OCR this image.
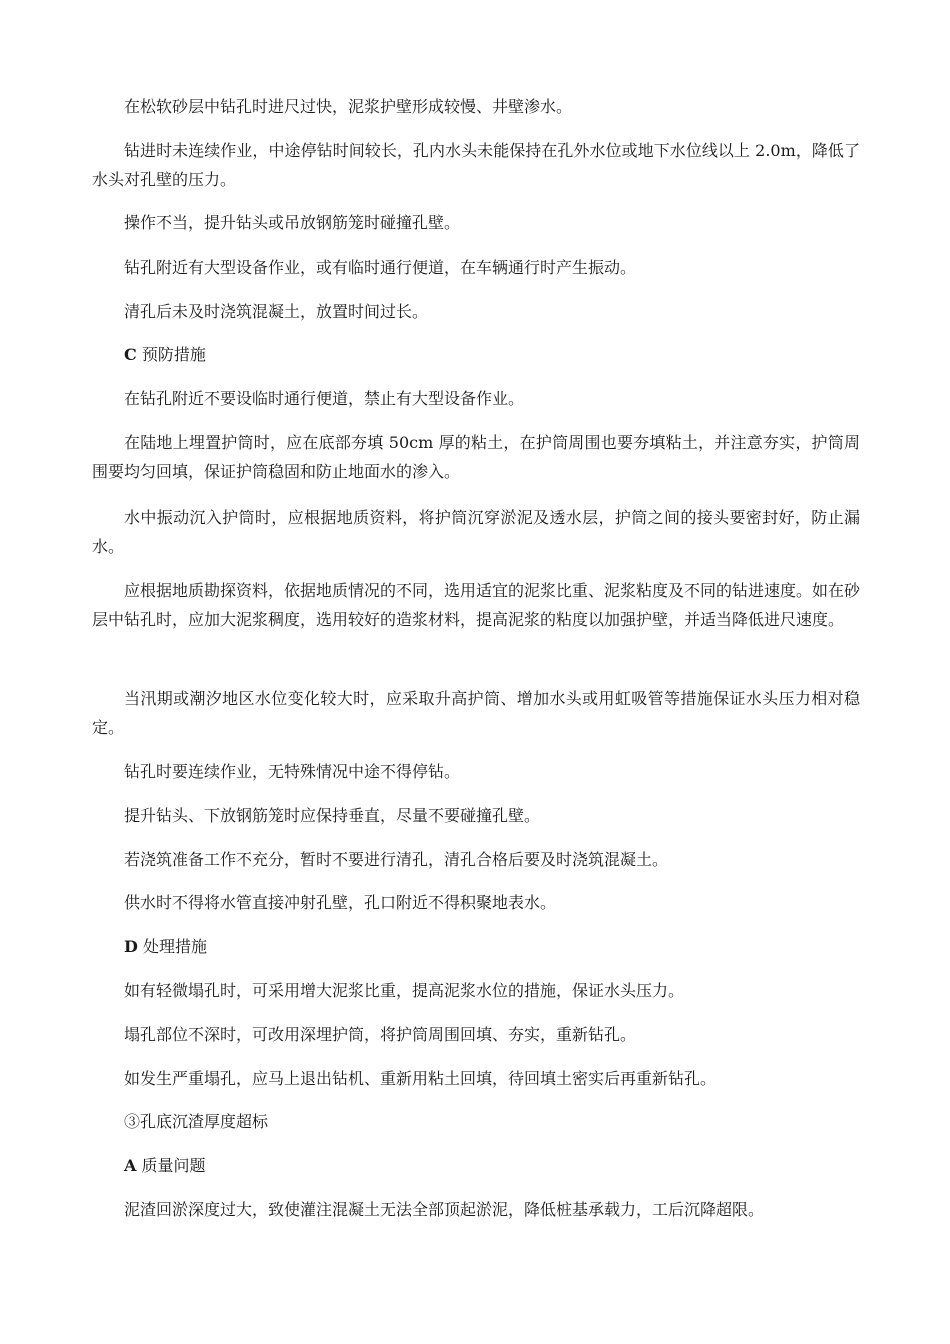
在松软砂层中钻孔时进尺过快，泥浆护壁形成较慢、井壁渗水。

钻进时未连续作业，中途停钻时间较长，孔内水头未能保持在孔外水位或地下水位线以上 2.0m，降低了水头对孔壁的压力。

操作不当，提升钻头或吊放钢筋笼时碰撞孔壁。

钻孔附近有大型设备作业，或有临时通行便道，在车辆通行时产生振动。

清孔后未及时浇筑混凝土，放置时间过长。

C 预防措施

在钻孔附近不要设临时通行便道，禁止有大型设备作业。

在陆地上埋置护筒时，应在底部夯填 50cm 厚的粘土，在护筒周围也要夯填粘土，并注意夯实，护筒周围要均匀回填，保证护筒稳固和防止地面水的渗入。

水中振动沉入护筒时，应根据地质资料，将护筒沉穿淤泥及透水层，护筒之间的接头要密封好，防止漏水。

应根据地质勘探资料，依据地质情况的不同，选用适宜的泥浆比重、泥浆粘度及不同的钻进速度。如在砂层中钻孔时，应加大泥浆稠度，选用较好的造浆材料，提高泥浆的粘度以加强护壁，并适当降低进尺速度。

当汛期或潮汐地区水位变化较大时，应采取升高护筒、增加水头或用虹吸管等措施保证水头压力相对稳定。

钻孔时要连续作业，无特殊情况中途不得停钻。

提升钻头、下放钢筋笼时应保持垂直，尽量不要碰撞孔壁。

若浇筑准备工作不充分，暂时不要进行清孔，清孔合格后要及时浇筑混凝土。

供水时不得将水管直接冲射孔壁，孔口附近不得积聚地表水。

D 处理措施

如有轻微塌孔时，可采用增大泥浆比重，提高泥浆水位的措施，保证水头压力。

塌孔部位不深时，可改用深埋护筒，将护筒周围回填、夯实，重新钻孔。

如发生严重塌孔，应马上退出钻机、重新用粘土回填，待回填土密实后再重新钻孔。

③孔底沉渣厚度超标

A 质量问题

泥渣回淤深度过大，致使灌注混凝土无法全部顶起淤泥，降低桩基承载力，工后沉降超限。
